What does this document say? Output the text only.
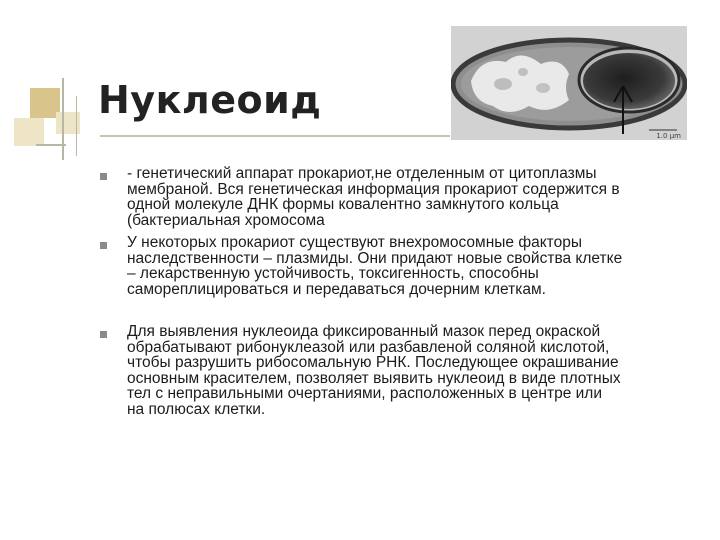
Нуклеоид
1.0 μm
- генетический аппарат прокариот,не отделенным от цитоплазмы
мембраной. Вся генетическая информация прокариот содержится в
одной молекуле ДНК формы ковалентно замкнутого кольца
(бактериальная хромосома
У некоторых прокариот существуют внехромосомные факторы
наследственности – плазмиды. Они придают новые свойства клетке
– лекарственную устойчивость, токсигенность, способны
самореплицироваться и передаваться дочерним клеткам.
Для выявления нуклеоида фиксированный мазок перед окраской
обрабатывают рибонуклеазой или разбавленой соляной кислотой,
чтобы разрушить рибосомальную РНК. Последующее окрашивание
основным красителем, позволяет выявить нуклеоид в виде плотных
тел с неправильными очертаниями, расположенных в центре или
на полюсах клетки.
